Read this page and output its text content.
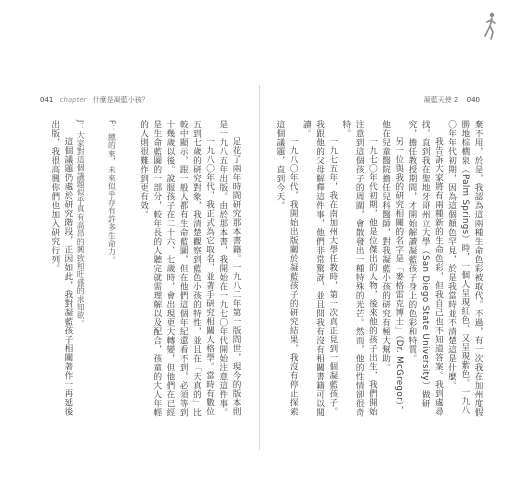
041 chapter 什麼是凝藍小孩？

足花了兩年時間研究那本書籍。一九八二年第一版問世，現今的版本則是一九八五年出版。由於那本書，我開始在一九七〇年代開始注意這件事。

一九八〇年代，我正式為它取名，並著手研究相關人格學。當時有數位五到七歲的研究對象，我清楚觀察到藍色小孩的特性，並且在「天真的」比較中顯示，跟一般人都有生命藍圖，但在他們這個年紀還看不到，必須等到十幾歲以後。說服孩子在二十六、七歲時，會出現更大轉變，但他們在已經是生命藍圖的一部分，較年長的人聽完就需理解以及配合，孩童的大人年輕的人則很難作到更有效。

F：總的來，未來似乎存有許多生命力。

J：大家對這個議題似乎真有高昂的興致和旺盛的求知欲。

這個議題仍處於研究階段，正因如此，我對凝藍孩子相關著作一再延後出版，我很高興你們也加入研究行列。

凝藍天使 2 040

棄不用，於是，我認為這兩種生命色彩被取代。不過，有一次我在加州度假勝地棕櫚泉（Palm Springs）時，一個人呈現紅色、又呈現紫色。一九八〇年年代初期，因為這個顏色罕見，於是我當時並不清楚這是什麼。

我告訴大家將有兩種新的生命色彩，但我自己也不知道答案。我到處尋找，直到我在聖地牙哥州立大學（San Diego State University）做研究，擔任教授期間，才開始解讀凝藍孩子身上的色彩和特質。

另一位與我的研究相關的名字是「麥格雷克博士」（Dr. McGregor），他在兒童醫院擔任兒科醫師，對我凝藍小孩的研究有極大幫助。

一九七〇年代初期，他是位傑出的人物，後來他的孩子出生，我們開始注意到這個孩子的周圍，會散發出一種特殊的光芒。然而，他的性情卻很奇特。

一九七五年，我在南加州大學任教時，第一次真正見到一個凝藍孩子。我跟他的父母解釋這件事，他們非常驚訝，並且問我有沒有相關書籍可以閱讀。

一九八〇年代，我開始出版關於凝藍孩子的研究結果，我沒有停止探索這個議題，直到今天。
